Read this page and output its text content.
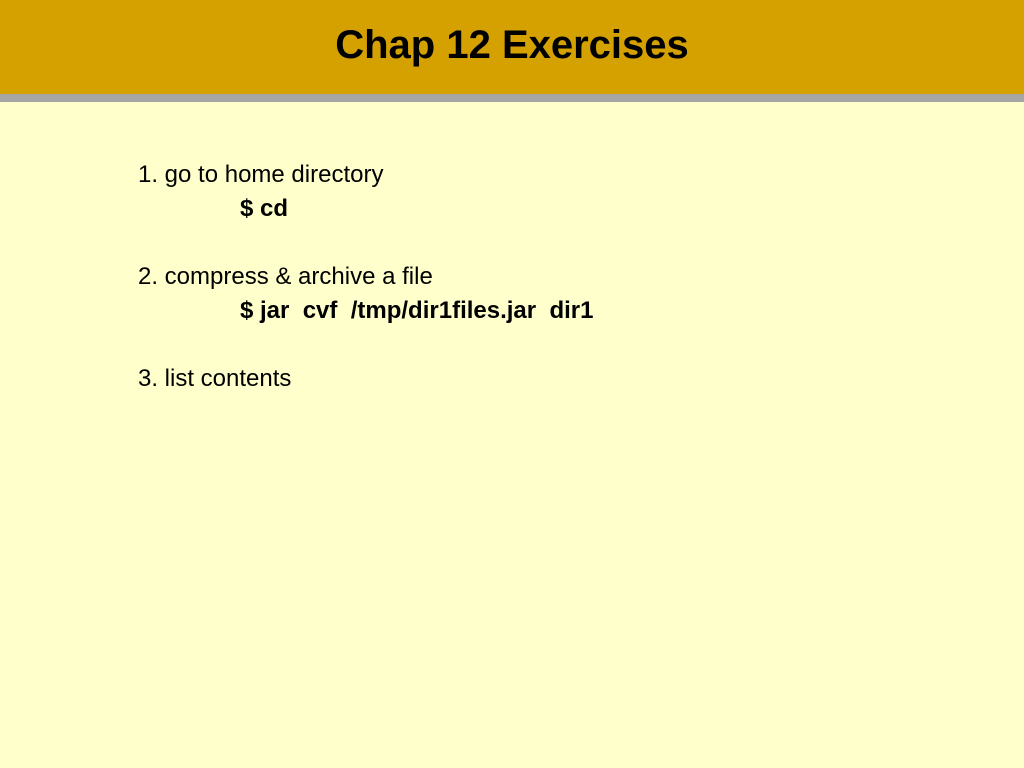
Chap 12 Exercises
1. go to home directory
$ cd
2. compress & archive a file
$ jar  cvf  /tmp/dir1files.jar  dir1
3. list contents
